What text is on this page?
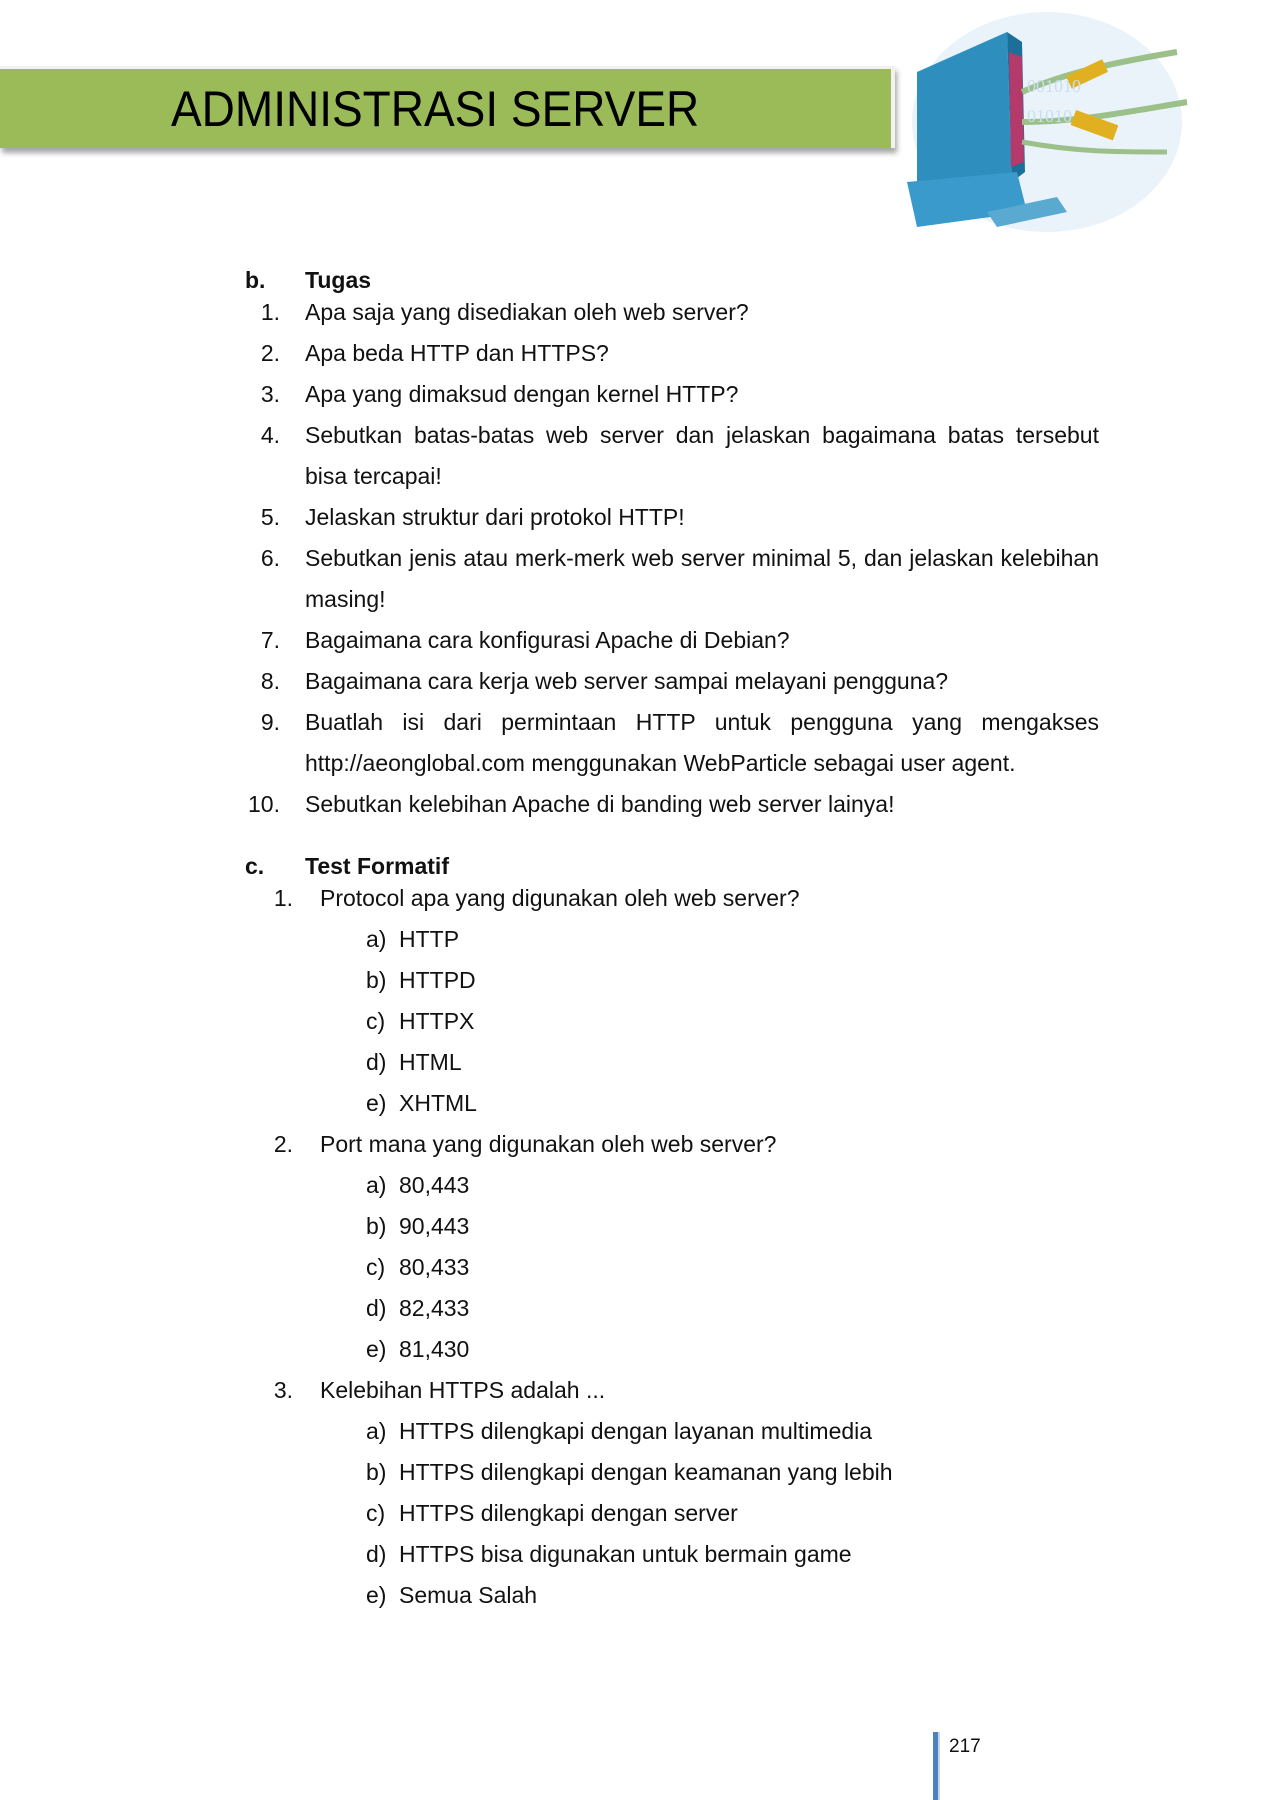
ADMINISTRASI SERVER	001010
01010
b. Tugas
1. Apa saja yang disediakan oleh web server?
2. Apa beda HTTP dan HTTPS?
3. Apa yang dimaksud dengan kernel HTTP?
4. Sebutkan batas-batas web server dan jelaskan bagaimana batas tersebut bisa tercapai!
5. Jelaskan struktur dari protokol HTTP!
6. Sebutkan jenis atau merk-merk web server minimal 5, dan jelaskan kelebihan masing!
7. Bagaimana cara konfigurasi Apache di Debian?
8. Bagaimana cara kerja web server sampai melayani pengguna?
9. Buatlah isi dari permintaan HTTP untuk pengguna yang mengakses http://aeonglobal.com menggunakan WebParticle sebagai user agent.
10. Sebutkan kelebihan Apache di banding web server lainya!
c. Test Formatif
1. Protocol apa yang digunakan oleh web server?
a) HTTP
b) HTTPD
c) HTTPX
d) HTML
e) XHTML
2. Port mana yang digunakan oleh web server?
a) 80,443
b) 90,443
c) 80,433
d) 82,433
e) 81,430
3. Kelebihan HTTPS adalah ...
a) HTTPS dilengkapi dengan layanan multimedia
b) HTTPS dilengkapi dengan keamanan yang lebih
c) HTTPS dilengkapi dengan server
d) HTTPS bisa digunakan untuk bermain game
e) Semua Salah
217
